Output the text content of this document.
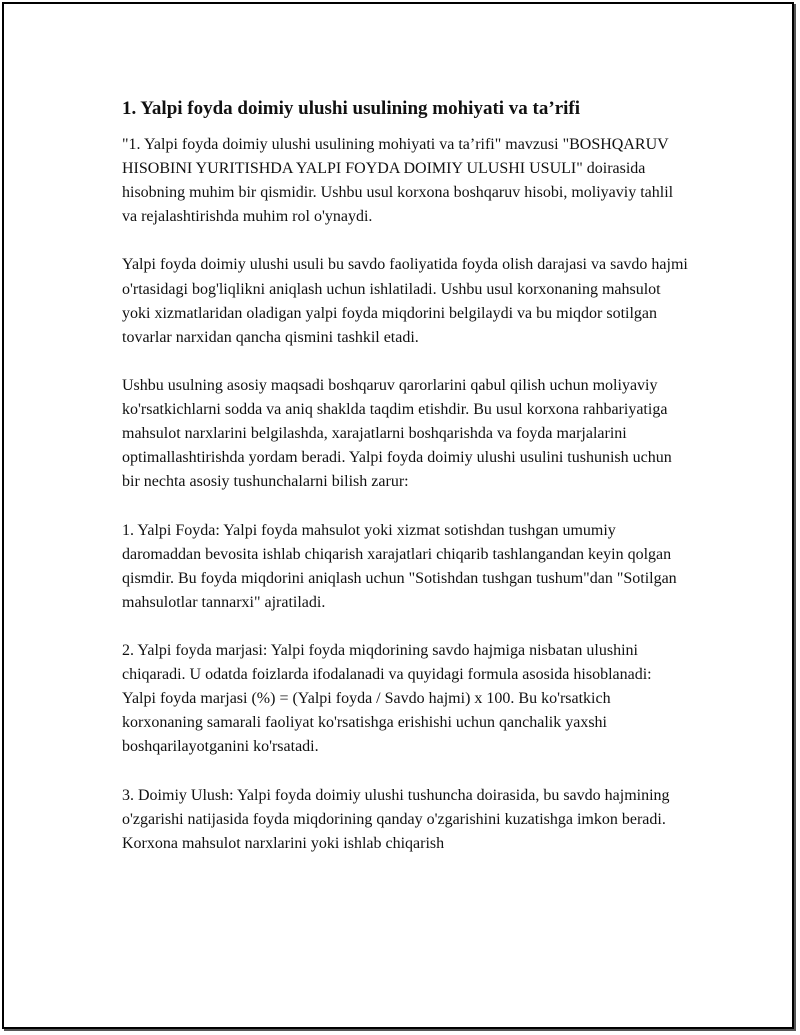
1. Yalpi foyda doimiy ulushi usulining mohiyati va ta’rifi

"1. Yalpi foyda doimiy ulushi usulining mohiyati va ta’rifi" mavzusi "BOSHQARUV HISOBINI YURITISHDA YALPI FOYDA DOIMIY ULUSHI USULI" doirasida hisobning muhim bir qismidir. Ushbu usul korxona boshqaruv hisobi, moliyaviy tahlil va rejalashtirishda muhim rol o'ynaydi.

Yalpi foyda doimiy ulushi usuli bu savdo faoliyatida foyda olish darajasi va savdo hajmi o'rtasidagi bog'liqlikni aniqlash uchun ishlatiladi. Ushbu usul korxonaning mahsulot yoki xizmatlaridan oladigan yalpi foyda miqdorini belgilaydi va bu miqdor sotilgan tovarlar narxidan qancha qismini tashkil etadi.

Ushbu usulning asosiy maqsadi boshqaruv qarorlarini qabul qilish uchun moliyaviy ko'rsatkichlarni sodda va aniq shaklda taqdim etishdir. Bu usul korxona rahbariyatiga mahsulot narxlarini belgilashda, xarajatlarni boshqarishda va foyda marjalarini optimallashtirishda yordam beradi. Yalpi foyda doimiy ulushi usulini tushunish uchun bir nechta asosiy tushunchalarni bilish zarur:

1. Yalpi Foyda: Yalpi foyda mahsulot yoki xizmat sotishdan tushgan umumiy daromaddan bevosita ishlab chiqarish xarajatlari chiqarib tashlangandan keyin qolgan qismdir. Bu foyda miqdorini aniqlash uchun "Sotishdan tushgan tushum"dan "Sotilgan mahsulotlar tannarxi" ajratiladi.

2. Yalpi foyda marjasi: Yalpi foyda miqdorining savdo hajmiga nisbatan ulushini chiqaradi. U odatda foizlarda ifodalanadi va quyidagi formula asosida hisoblanadi: Yalpi foyda marjasi (%) = (Yalpi foyda / Savdo hajmi) x 100. Bu ko'rsatkich korxonaning samarali faoliyat ko'rsatishga erishishi uchun qanchalik yaxshi boshqarilayotganini ko'rsatadi.

3. Doimiy Ulush: Yalpi foyda doimiy ulushi tushuncha doirasida, bu savdo hajmining o'zgarishi natijasida foyda miqdorining qanday o'zgarishini kuzatishga imkon beradi. Korxona mahsulot narxlarini yoki ishlab chiqarish
